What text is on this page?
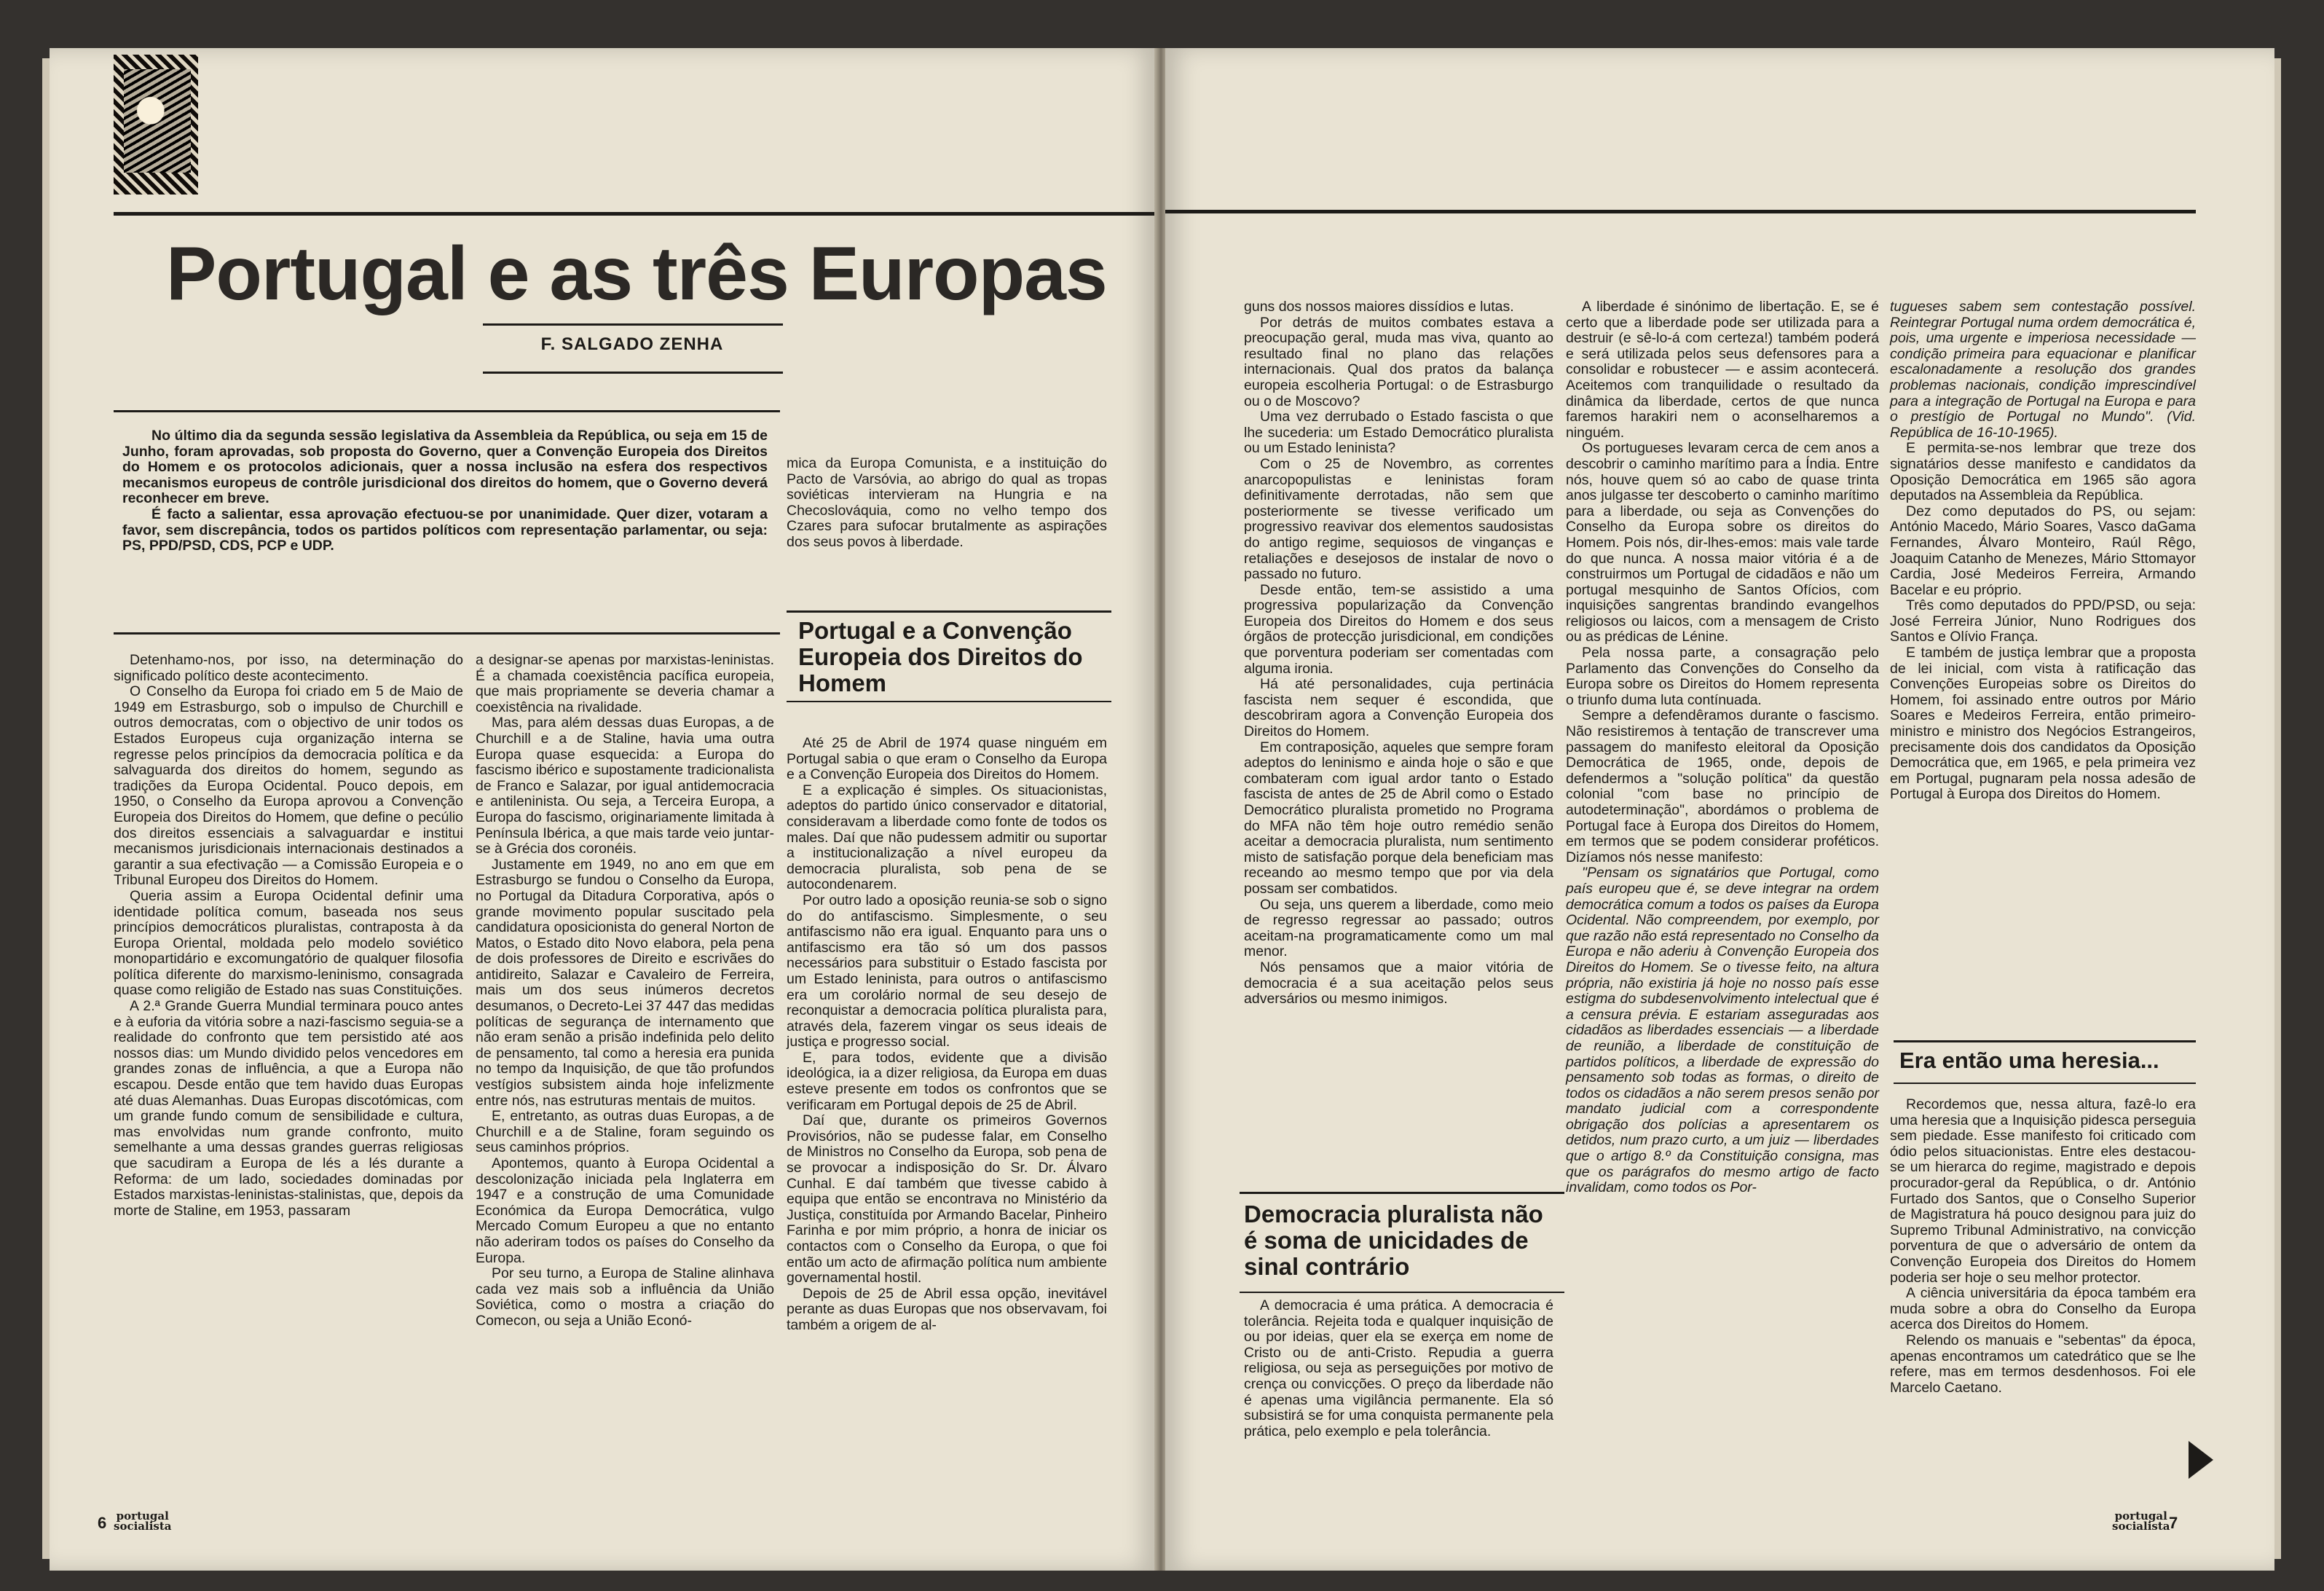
Portugal e as três Europas
F. SALGADO ZENHA

No último dia da segunda sessão legislativa da Assembleia da República, ou seja em 15 de Junho, foram aprovadas, sob proposta do Governo, quer a Convenção Europeia dos Direitos do Homem e os protocolos adicionais, quer a nossa inclusão na esfera dos respectivos mecanismos europeus de contrôle jurisdicional dos direitos do homem, que o Governo deverá reconhecer em breve.

É facto a salientar, essa aprovação efectuou-se por unanimidade. Quer dizer, votaram a favor, sem discrepância, todos os partidos políticos com representação parlamentar, ou seja: PS, PPD/PSD, CDS, PCP e UDP.

Detenhamo-nos, por isso, na determinação do significado político deste acontecimento.

O Conselho da Europa foi criado em 5 de Maio de 1949 em Estrasburgo, sob o impulso de Churchill e outros democratas, com o objectivo de unir todos os Estados Europeus cuja organização interna se regresse pelos princípios da democracia política e da salvaguarda dos direitos do homem, segundo as tradições da Europa Ocidental. Pouco depois, em 1950, o Conselho da Europa aprovou a Convenção Europeia dos Direitos do Homem, que define o pecúlio dos direitos essenciais a salvaguardar e institui mecanismos jurisdicionais internacionais destinados a garantir a sua efectivação — a Comissão Europeia e o Tribunal Europeu dos Direitos do Homem.

Queria assim a Europa Ocidental definir uma identidade política comum, baseada nos seus princípios democráticos pluralistas, contraposta à da Europa Oriental, moldada pelo modelo soviético monopartidário e excomungatório de qualquer filosofia política diferente do marxismo-leninismo, consagrada quase como religião de Estado nas suas Constituições.

A 2.ª Grande Guerra Mundial terminara pouco antes e à euforia da vitória sobre a nazi-fascismo seguia-se a realidade do confronto que tem persistido até aos nossos dias: um Mundo dividido pelos vencedores em grandes zonas de influência, a que a Europa não escapou. Desde então que tem havido duas Europas até duas Alemanhas. Duas Europas discotómicas, com um grande fundo comum de sensibilidade e cultura, mas envolvidas num grande confronto, muito semelhante a uma dessas grandes guerras religiosas que sacudiram a Europa de lés a lés durante a Reforma: de um lado, sociedades dominadas por Estados marxistas-leninistas-stalinistas, que, depois da morte de Staline, em 1953, passaram

a designar-se apenas por marxistas-leninistas. É a chamada coexistência pacífica europeia, que mais propriamente se deveria chamar a coexistência na rivalidade.

Mas, para além dessas duas Europas, a de Churchill e a de Staline, havia uma outra Europa quase esquecida: a Europa do fascismo ibérico e supostamente tradicionalista de Franco e Salazar, por igual antidemocracia e antileninista. Ou seja, a Terceira Europa, a Europa do fascismo, originariamente limitada à Península Ibérica, a que mais tarde veio juntar-se à Grécia dos coronéis.

Justamente em 1949, no ano em que em Estrasburgo se fundou o Conselho da Europa, no Portugal da Ditadura Corporativa, após o grande movimento popular suscitado pela candidatura oposicionista do general Norton de Matos, o Estado dito Novo elabora, pela pena de dois professores de Direito e escrivães do antidireito, Salazar e Cavaleiro de Ferreira, mais um dos seus inúmeros decretos desumanos, o Decreto-Lei 37 447 das medidas políticas de segurança de internamento que não eram senão a prisão indefinida pelo delito de pensamento, tal como a heresia era punida no tempo da Inquisição, de que tão profundos vestígios subsistem ainda hoje infelizmente entre nós, nas estruturas mentais de muitos.

E, entretanto, as outras duas Europas, a de Churchill e a de Staline, foram seguindo os seus caminhos próprios.

Apontemos, quanto à Europa Ocidental a descolonização iniciada pela Inglaterra em 1947 e a construção de uma Comunidade Económica da Europa Democrática, vulgo Mercado Comum Europeu a que no entanto não aderiram todos os países do Conselho da Europa.

Por seu turno, a Europa de Staline alinhava cada vez mais sob a influência da União Soviética, como o mostra a criação do Comecon, ou seja a União Econó-

mica da Europa Comunista, e a instituição do Pacto de Varsóvia, ao abrigo do qual as tropas soviéticas intervieram na Hungria e na Checoslováquia, como no velho tempo dos Czares para sufocar brutalmente as aspirações dos seus povos à liberdade.

Portugal e a Convenção Europeia dos Direitos do Homem

Até 25 de Abril de 1974 quase ninguém em Portugal sabia o que eram o Conselho da Europa e a Convenção Europeia dos Direitos do Homem.

E a explicação é simples. Os situacionistas, adeptos do partido único conservador e ditatorial, consideravam a liberdade como fonte de todos os males. Daí que não pudessem admitir ou suportar a institucionalização a nível europeu da democracia pluralista, sob pena de se autocondenarem.

Por outro lado a oposição reunia-se sob o signo do do antifascismo. Simplesmente, o seu antifascismo não era igual. Enquanto para uns o antifascismo era tão só um dos passos necessários para substituir o Estado fascista por um Estado leninista, para outros o antifascismo era um corolário normal de seu desejo de reconquistar a democracia política pluralista para, através dela, fazerem vingar os seus ideais de justiça e progresso social.

E, para todos, evidente que a divisão ideológica, ia a dizer religiosa, da Europa em duas esteve presente em todos os confrontos que se verificaram em Portugal depois de 25 de Abril.

Daí que, durante os primeiros Governos Provisórios, não se pudesse falar, em Conselho de Ministros no Conselho da Europa, sob pena de se provocar a indisposição do Sr. Dr. Álvaro Cunhal. E daí também que tivesse cabido à equipa que então se encontrava no Ministério da Justiça, constituída por Armando Bacelar, Pinheiro Farinha e por mim próprio, a honra de iniciar os contactos com o Conselho da Europa, o que foi então um acto de afirmação política num ambiente governamental hostil.

Depois de 25 de Abril essa opção, inevitável perante as duas Europas que nos observavam, foi também a origem de al-

6 portugal
socialista

guns dos nossos maiores dissídios e lutas.

Por detrás de muitos combates estava a preocupação geral, muda mas viva, quanto ao resultado final no plano das relações internacionais. Qual dos pratos da balança europeia escolheria Portugal: o de Estrasburgo ou o de Moscovo?

Uma vez derrubado o Estado fascista o que lhe sucederia: um Estado Democrático pluralista ou um Estado leninista?

Com o 25 de Novembro, as correntes anarcopopulistas e leninistas foram definitivamente derrotadas, não sem que posteriormente se tivesse verificado um progressivo reavivar dos elementos saudosistas do antigo regime, sequiosos de vinganças e retaliações e desejosos de instalar de novo o passado no futuro.

Desde então, tem-se assistido a uma progressiva popularização da Convenção Europeia dos Direitos do Homem e dos seus órgãos de protecção jurisdicional, em condições que porventura poderiam ser comentadas com alguma ironia.

Há até personalidades, cuja pertinácia fascista nem sequer é escondida, que descobriram agora a Convenção Europeia dos Direitos do Homem.

Em contraposição, aqueles que sempre foram adeptos do leninismo e ainda hoje o são e que combateram com igual ardor tanto o Estado fascista de antes de 25 de Abril como o Estado Democrático pluralista prometido no Programa do MFA não têm hoje outro remédio senão aceitar a democracia pluralista, num sentimento misto de satisfação porque dela beneficiam mas receando ao mesmo tempo que por via dela possam ser combatidos.

Ou seja, uns querem a liberdade, como meio de regresso regressar ao passado; outros aceitam-na programaticamente como um mal menor.

Nós pensamos que a maior vitória de democracia é a sua aceitação pelos seus adversários ou mesmo inimigos.

Democracia pluralista não é soma de unicidades de sinal contrário

A democracia é uma prática. A democracia é tolerância. Rejeita toda e qualquer inquisição de ou por ideias, quer ela se exerça em nome de Cristo ou de anti-Cristo. Repudia a guerra religiosa, ou seja as perseguições por motivo de crença ou convicções. O preço da liberdade não é apenas uma vigilância permanente. Ela só subsistirá se for uma conquista permanente pela prática, pelo exemplo e pela tolerância.

A liberdade é sinónimo de libertação. E, se é certo que a liberdade pode ser utilizada para a destruir (e sê-lo-á com certeza!) também poderá e será utilizada pelos seus defensores para a consolidar e robustecer — e assim acontecerá. Aceitemos com tranquilidade o resultado da dinâmica da liberdade, certos de que nunca faremos harakiri nem o aconselharemos a ninguém.

Os portugueses levaram cerca de cem anos a descobrir o caminho marítimo para a Índia. Entre nós, houve quem só ao cabo de quase trinta anos julgasse ter descoberto o caminho marítimo para a liberdade, ou seja as Convenções do Conselho da Europa sobre os direitos do Homem. Pois nós, dir-lhes-emos: mais vale tarde do que nunca. A nossa maior vitória é a de construirmos um Portugal de cidadãos e não um portugal mesquinho de Santos Ofícios, com inquisições sangrentas brandindo evangelhos religiosos ou laicos, com a mensagem de Cristo ou as prédicas de Lénine.

Pela nossa parte, a consagração pelo Parlamento das Convenções do Conselho da Europa sobre os Direitos do Homem representa o triunfo duma luta contínuada.

Sempre a defendêramos durante o fascismo. Não resistiremos à tentação de transcrever uma passagem do manifesto eleitoral da Oposição Democrática de 1965, onde, depois de defendermos a "solução política" da questão colonial "com base no princípio de autodeterminação", abordámos o problema de Portugal face à Europa dos Direitos do Homem, em termos que se podem considerar proféticos. Dizíamos nós nesse manifesto:

"Pensam os signatários que Portugal, como país europeu que é, se deve integrar na ordem democrática comum a todos os países da Europa Ocidental. Não compreendem, por exemplo, por que razão não está representado no Conselho da Europa e não aderiu à Convenção Europeia dos Direitos do Homem. Se o tivesse feito, na altura própria, não existiria já hoje no nosso país esse estigma do subdesenvolvimento intelectual que é a censura prévia. E estariam asseguradas aos cidadãos as liberdades essenciais — a liberdade de reunião, a liberdade de constituição de partidos políticos, a liberdade de expressão do pensamento sob todas as formas, o direito de todos os cidadãos a não serem presos senão por mandato judicial com a correspondente obrigação dos polícias a apresentarem os detidos, num prazo curto, a um juiz — liberdades que o artigo 8.º da Constituição consigna, mas que os parágrafos do mesmo artigo de facto invalidam, como todos os Por-

tugueses sabem sem contestação possível. Reintegrar Portugal numa ordem democrática é, pois, uma urgente e imperiosa necessidade — condição primeira para equacionar e planificar escalonadamente a resolução dos grandes problemas nacionais, condição imprescindível para a integração de Portugal na Europa e para o prestígio de Portugal no Mundo". (Vid. República de 16-10-1965).

E permita-se-nos lembrar que treze dos signatários desse manifesto e candidatos da Oposição Democrática em 1965 são agora deputados na Assembleia da República.

Dez como deputados do PS, ou sejam: António Macedo, Mário Soares, Vasco daGama Fernandes, Álvaro Monteiro, Raúl Rêgo, Joaquim Catanho de Menezes, Mário Sttomayor Cardia, José Medeiros Ferreira, Armando Bacelar e eu próprio.

Três como deputados do PPD/PSD, ou seja: José Ferreira Júnior, Nuno Rodrigues dos Santos e Olívio França.

E também de justiça lembrar que a proposta de lei inicial, com vista à ratificação das Convenções Europeias sobre os Direitos do Homem, foi assinado entre outros por Mário Soares e Medeiros Ferreira, então primeiro-ministro e ministro dos Negócios Estrangeiros, precisamente dois dos candidatos da Oposição Democrática que, em 1965, e pela primeira vez em Portugal, pugnaram pela nossa adesão de Portugal à Europa dos Direitos do Homem.

Era então uma heresia...

Recordemos que, nessa altura, fazê-lo era uma heresia que a Inquisição pidesca perseguia sem piedade. Esse manifesto foi criticado com ódio pelos situacionistas. Entre eles destacou-se um hierarca do regime, magistrado e depois procurador-geral da República, o dr. António Furtado dos Santos, que o Conselho Superior de Magistratura há pouco designou para juiz do Supremo Tribunal Administrativo, na convicção porventura de que o adversário de ontem da Convenção Europeia dos Direitos do Homem poderia ser hoje o seu melhor protector.

A ciência universitária da época também era muda sobre a obra do Conselho da Europa acerca dos Direitos do Homem.

Relendo os manuais e "sebentas" da época, apenas encontramos um catedrático que se lhe refere, mas em termos desdenhosos. Foi ele Marcelo Caetano.

portugal
socialista
7
